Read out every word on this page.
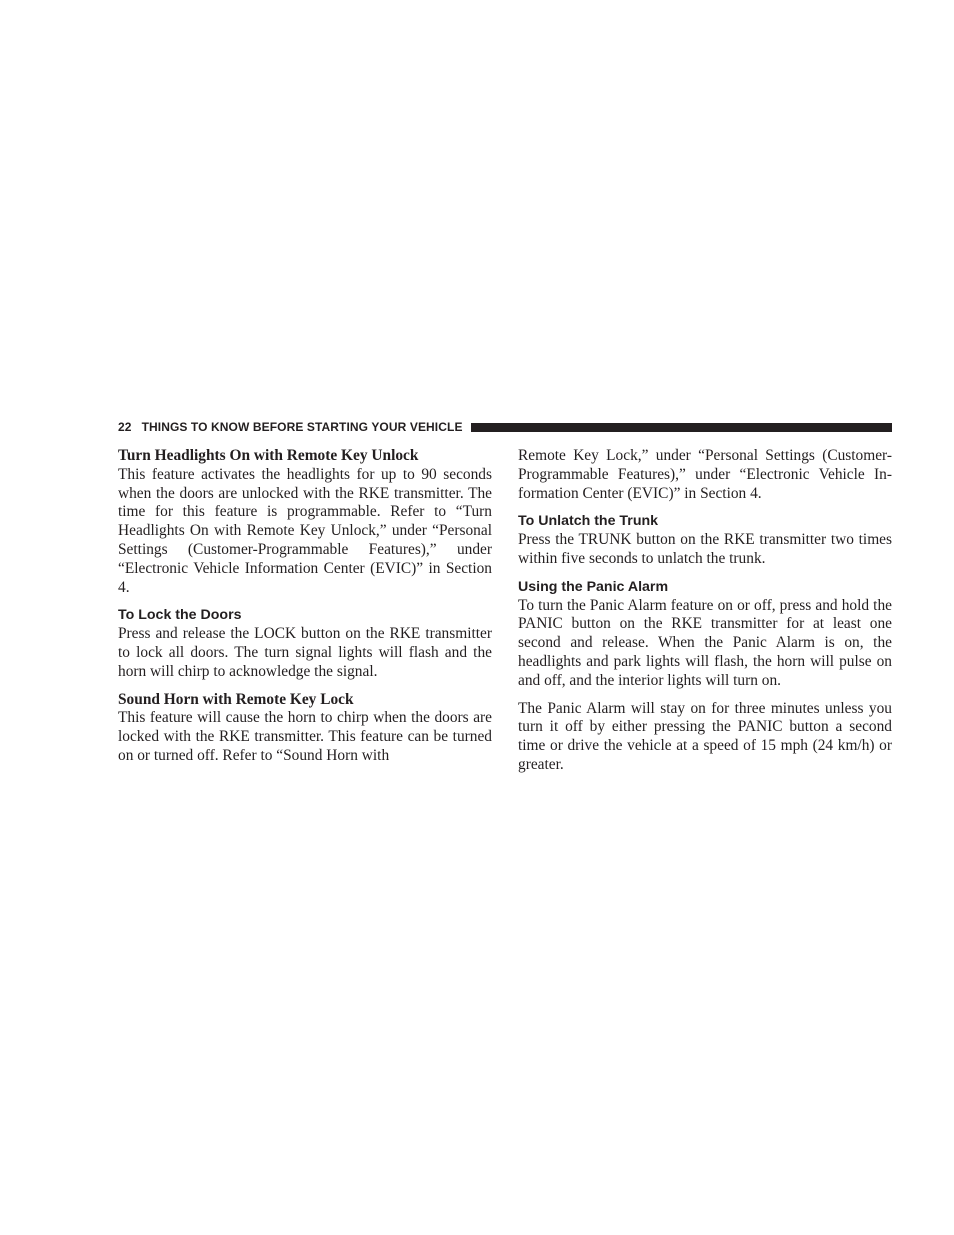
22 THINGS TO KNOW BEFORE STARTING YOUR VEHICLE
Turn Headlights On with Remote Key Unlock

This feature activates the headlights for up to 90 seconds when the doors are unlocked with the RKE transmitter. The time for this feature is programmable. Refer to “Turn Headlights On with Remote Key Unlock,” under “Personal Settings (Customer-Programmable Features),” under “Electronic Vehicle Information Center (EVIC)” in Section 4.

To Lock the Doors

Press and release the LOCK button on the RKE transmitter to lock all doors. The turn signal lights will flash and the horn will chirp to acknowledge the signal.

Sound Horn with Remote Key Lock

This feature will cause the horn to chirp when the doors are locked with the RKE transmitter. This feature can be turned on or turned off. Refer to “Sound Horn with

Remote Key Lock,” under “Personal Settings (Customer-Programmable Features),” under “Electronic Vehicle Information Center (EVIC)” in Section 4.

To Unlatch the Trunk

Press the TRUNK button on the RKE transmitter two times within five seconds to unlatch the trunk.

Using the Panic Alarm

To turn the Panic Alarm feature on or off, press and hold the PANIC button on the RKE transmitter for at least one second and release. When the Panic Alarm is on, the headlights and park lights will flash, the horn will pulse on and off, and the interior lights will turn on.

The Panic Alarm will stay on for three minutes unless you turn it off by either pressing the PANIC button a second time or drive the vehicle at a speed of 15 mph (24 km/h) or greater.
